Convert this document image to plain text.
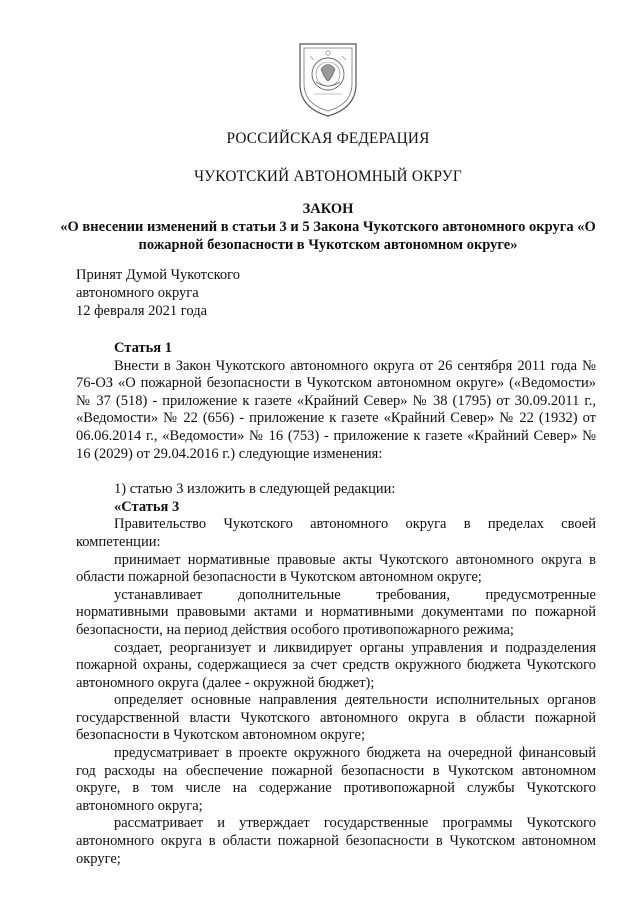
РОССИЙСКАЯ ФЕДЕРАЦИЯ
ЧУКОТСКИЙ АВТОНОМНЫЙ ОКРУГ
ЗАКОН
«О внесении изменений в статьи 3 и 5 Закона Чукотского автономного округа «О пожарной безопасности в Чукотском автономном округе»
Принят Думой Чукотского
автономного округа
12 февраля 2021 года

Статья 1

Внести в Закон Чукотского автономного округа от 26 сентября 2011 года № 76-ОЗ «О пожарной безопасности в Чукотском автономном округе» («Ведомости» № 37 (518) - приложение к газете «Крайний Север» № 38 (1795) от 30.09.2011 г., «Ведомости» № 22 (656) - приложение к газете «Крайний Север» № 22 (1932) от 06.06.2014 г., «Ведомости» № 16 (753) - приложение к газете «Крайний Север» № 16 (2029) от 29.04.2016 г.) следующие изменения:

1) статью 3 изложить в следующей редакции:

«Статья 3

Правительство Чукотского автономного округа в пределах своей компетенции:

принимает нормативные правовые акты Чукотского автономного округа в области пожарной безопасности в Чукотском автономном округе;

устанавливает дополнительные требования, предусмотренные нормативными правовыми актами и нормативными документами по пожарной безопасности, на период действия особого противопожарного режима;

создает, реорганизует и ликвидирует органы управления и подразделения пожарной охраны, содержащиеся за счет средств окружного бюджета Чукотского автономного округа (далее - окружной бюджет);

определяет основные направления деятельности исполнительных органов государственной власти Чукотского автономного округа в области пожарной безопасности в Чукотском автономном округе;

предусматривает в проекте окружного бюджета на очередной финансовый год расходы на обеспечение пожарной безопасности в Чукотском автономном округе, в том числе на содержание противопожарной службы Чукотского автономного округа;

рассматривает и утверждает государственные программы Чукотского автономного округа в области пожарной безопасности в Чукотском автономном округе;
